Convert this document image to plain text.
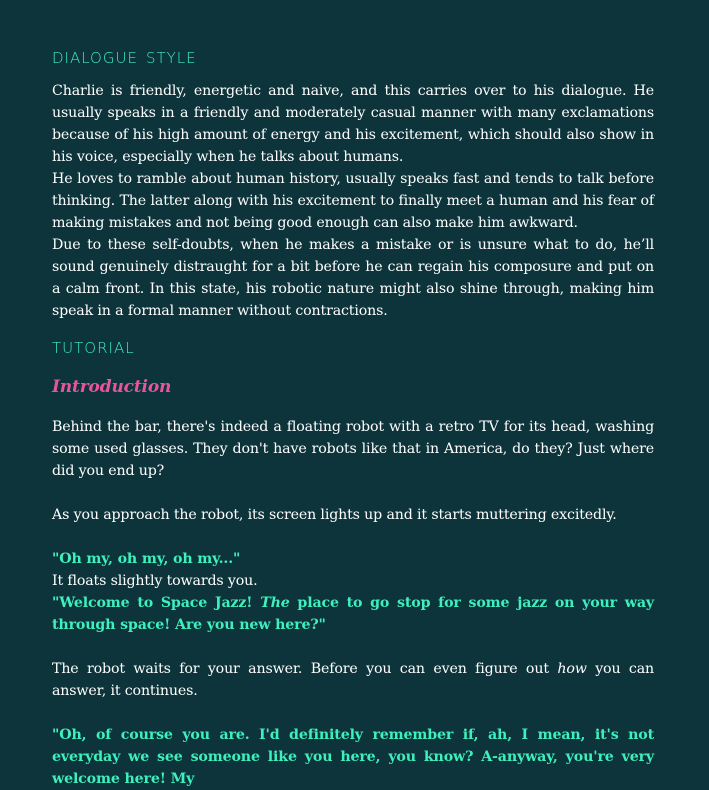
dialogue style

Charlie is friendly, energetic and naive, and this carries over to his dialogue. He usually speaks in a friendly and moderately casual manner with many exclamations because of his high amount of energy and his excitement, which should also show in his voice, especially when he talks about humans.

He loves to ramble about human history, usually speaks fast and tends to talk before thinking. The latter along with his excitement to finally meet a human and his fear of making mistakes and not being good enough can also make him awkward.

Due to these self-doubts, when he makes a mistake or is unsure what to do, he’ll sound genuinely distraught for a bit before he can regain his composure and put on a calm front. In this state, his robotic nature might also shine through, making him speak in a formal manner without contractions.

tutorial
Introduction

Behind the bar, there's indeed a floating robot with a retro TV for its head, washing some used glasses. They don't have robots like that in America, do they? Just where did you end up?

As you approach the robot, its screen lights up and it starts muttering excitedly.

"Oh my, oh my, oh my..."

It floats slightly towards you.

"Welcome to Space Jazz! The place to go stop for some jazz on your way through space! Are you new here?"

The robot waits for your answer. Before you can even figure out how you can answer, it continues.

"Oh, of course you are. I'd definitely remember if, ah, I mean, it's not everyday we see someone like you here, you know? A-anyway, you're very welcome here! My
